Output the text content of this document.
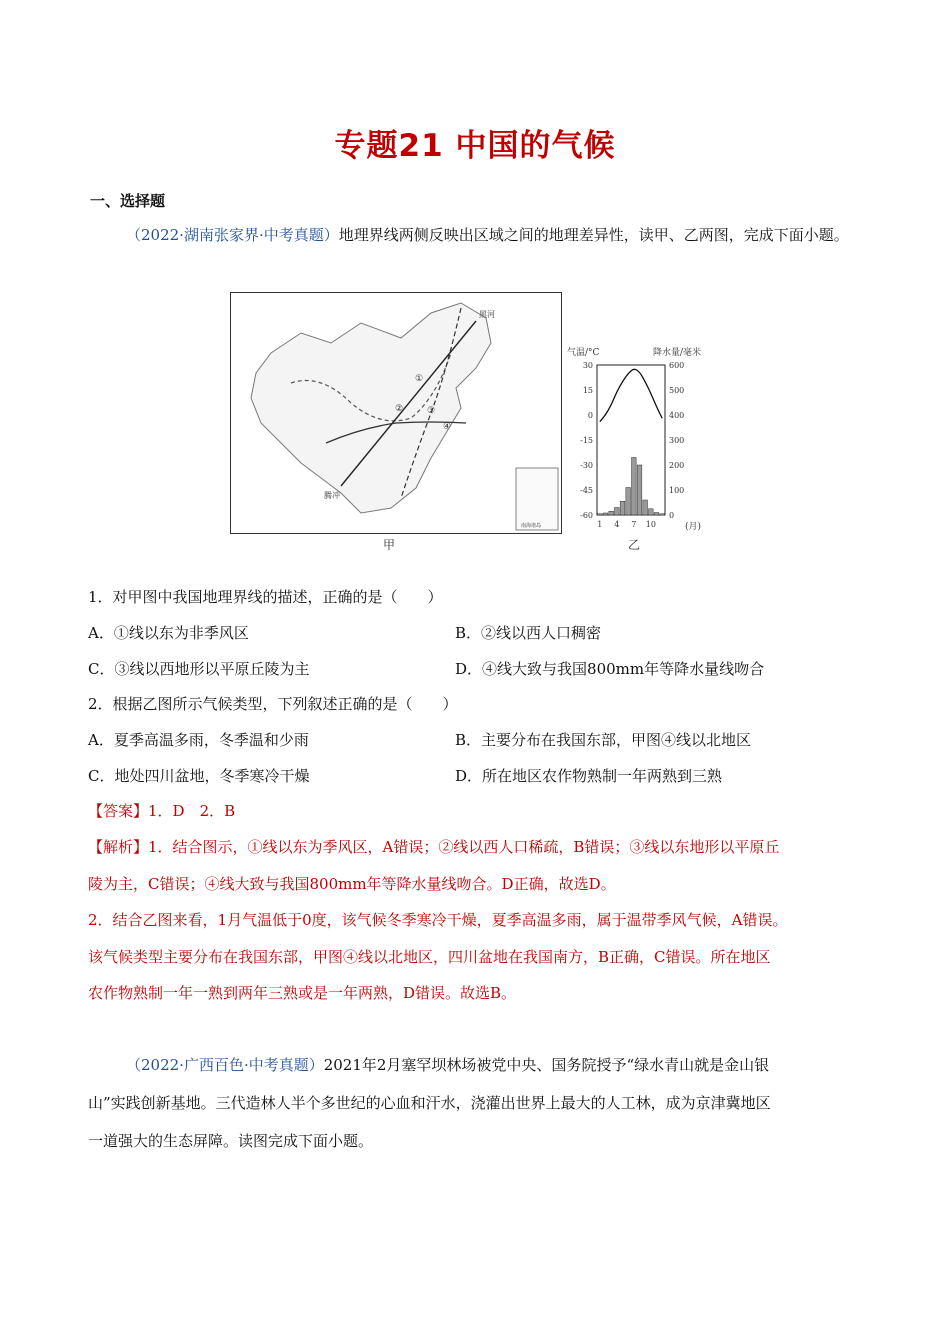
专题21 中国的气候
一、选择题
（2022·湖南张家界·中考真题）地理界线两侧反映出区域之间的地理差异性，读甲、乙两图，完成下面小题。
黑河
腾冲
南海诸岛
①
②	③
④
甲
气温/°C	降水量/毫米
30
15
0
-15
-30
-45
-60
600
500
400
300
200
100
0
1 4 7 10	(月)
乙
1．对甲图中我国地理界线的描述，正确的是（　　）
A．①线以东为非季风区	B．②线以西人口稠密
C．③线以西地形以平原丘陵为主	D．④线大致与我国800mm年等降水量线吻合
2．根据乙图所示气候类型，下列叙述正确的是（　　）
A．夏季高温多雨，冬季温和少雨	B．主要分布在我国东部，甲图④线以北地区
C．地处四川盆地，冬季寒冷干燥	D．所在地区农作物熟制一年两熟到三熟
【答案】1．D　2．B
【解析】1．结合图示，①线以东为季风区，A错误；②线以西人口稀疏，B错误；③线以东地形以平原丘
陵为主，C错误；④线大致与我国800mm年等降水量线吻合。D正确，故选D。
2．结合乙图来看，1月气温低于0度，该气候冬季寒冷干燥，夏季高温多雨，属于温带季风气候，A错误。
该气候类型主要分布在我国东部，甲图④线以北地区，四川盆地在我国南方，B正确，C错误。所在地区
农作物熟制一年一熟到两年三熟或是一年两熟，D错误。故选B。
（2022·广西百色·中考真题）2021年2月塞罕坝林场被党中央、国务院授予“绿水青山就是金山银
山”实践创新基地。三代造林人半个多世纪的心血和汗水，浇灌出世界上最大的人工林，成为京津冀地区
一道强大的生态屏障。读图完成下面小题。
